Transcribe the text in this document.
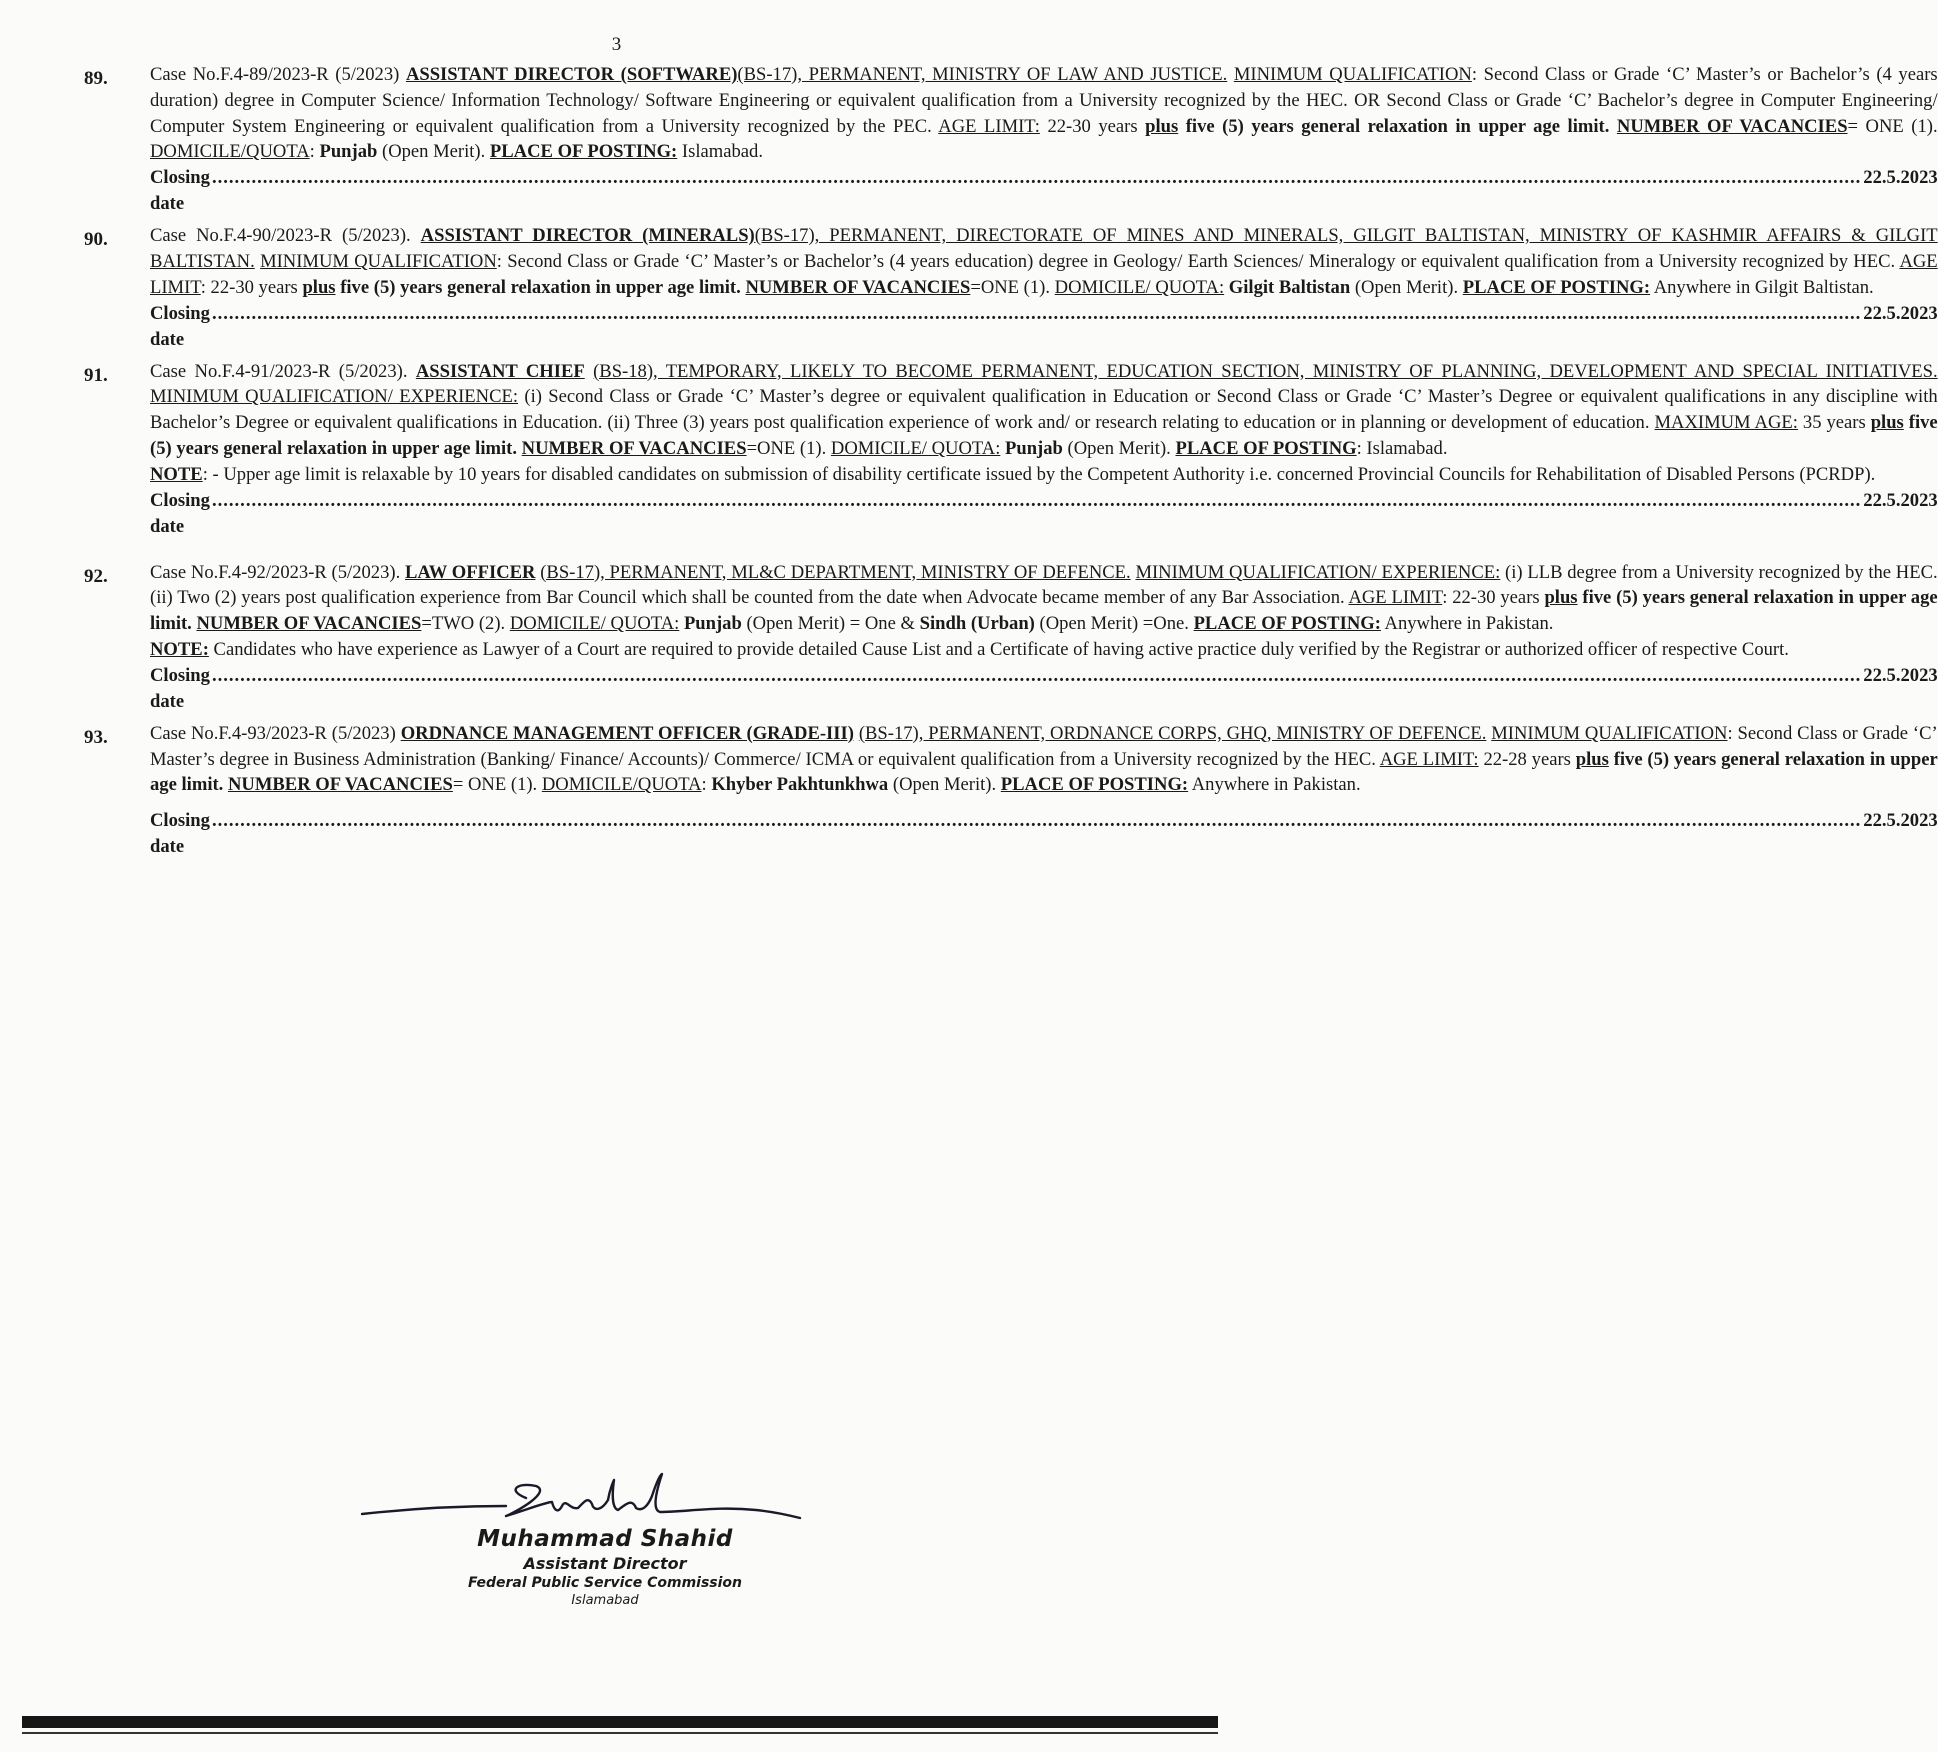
3
89.	Case No.F.4-89/2023-R (5/2023) ASSISTANT DIRECTOR (SOFTWARE)(BS-17), PERMANENT, MINISTRY OF LAW AND JUSTICE. MINIMUM QUALIFICATION: Second Class or Grade ‘C’ Master’s or Bachelor’s (4 years duration) degree in Computer Science/ Information Technology/ Software Engineering or equivalent qualification from a University recognized by the HEC. OR Second Class or Grade ‘C’ Bachelor’s degree in Computer Engineering/ Computer System Engineering or equivalent qualification from a University recognized by the PEC. AGE LIMIT: 22-30 years plus five (5) years general relaxation in upper age limit. NUMBER OF VACANCIES= ONE (1). DOMICILE/QUOTA: Punjab (Open Merit). PLACE OF POSTING: Islamabad.
Closing date
.....
22.5.2023
90.	Case No.F.4-90/2023-R (5/2023). ASSISTANT DIRECTOR (MINERALS)(BS-17), PERMANENT, DIRECTORATE OF MINES AND MINERALS, GILGIT BALTISTAN, MINISTRY OF KASHMIR AFFAIRS & GILGIT BALTISTAN. MINIMUM QUALIFICATION: Second Class or Grade ‘C’ Master’s or Bachelor’s (4 years education) degree in Geology/ Earth Sciences/ Mineralogy or equivalent qualification from a University recognized by HEC. AGE LIMIT: 22-30 years plus five (5) years general relaxation in upper age limit. NUMBER OF VACANCIES=ONE (1). DOMICILE/ QUOTA: Gilgit Baltistan (Open Merit). PLACE OF POSTING: Anywhere in Gilgit Baltistan.
Closing date
.....
22.5.2023
91.	Case No.F.4-91/2023-R (5/2023). ASSISTANT CHIEF (BS-18), TEMPORARY, LIKELY TO BECOME PERMANENT, EDUCATION SECTION, MINISTRY OF PLANNING, DEVELOPMENT AND SPECIAL INITIATIVES. MINIMUM QUALIFICATION/ EXPERIENCE: (i) Second Class or Grade ‘C’ Master’s degree or equivalent qualification in Education or Second Class or Grade ‘C’ Master’s Degree or equivalent qualifications in any discipline with Bachelor’s Degree or equivalent qualifications in Education. (ii) Three (3) years post qualification experience of work and/ or research relating to education or in planning or development of education. MAXIMUM AGE: 35 years plus five (5) years general relaxation in upper age limit. NUMBER OF VACANCIES=ONE (1). DOMICILE/ QUOTA: Punjab (Open Merit). PLACE OF POSTING: Islamabad.
NOTE: - Upper age limit is relaxable by 10 years for disabled candidates on submission of disability certificate issued by the Competent Authority i.e. concerned Provincial Councils for Rehabilitation of Disabled Persons (PCRDP).
Closing date
.....
22.5.2023
92.	Case No.F.4-92/2023-R (5/2023). LAW OFFICER (BS-17), PERMANENT, ML&C DEPARTMENT, MINISTRY OF DEFENCE. MINIMUM QUALIFICATION/ EXPERIENCE: (i) LLB degree from a University recognized by the HEC. (ii) Two (2) years post qualification experience from Bar Council which shall be counted from the date when Advocate became member of any Bar Association. AGE LIMIT: 22-30 years plus five (5) years general relaxation in upper age limit. NUMBER OF VACANCIES=TWO (2). DOMICILE/ QUOTA: Punjab (Open Merit) = One & Sindh (Urban) (Open Merit) =One. PLACE OF POSTING: Anywhere in Pakistan.
NOTE: Candidates who have experience as Lawyer of a Court are required to provide detailed Cause List and a Certificate of having active practice duly verified by the Registrar or authorized officer of respective Court.
Closing date
.....
22.5.2023
93.	Case No.F.4-93/2023-R (5/2023) ORDNANCE MANAGEMENT OFFICER (GRADE-III) (BS-17), PERMANENT, ORDNANCE CORPS, GHQ, MINISTRY OF DEFENCE. MINIMUM QUALIFICATION: Second Class or Grade ‘C’ Master’s degree in Business Administration (Banking/ Finance/ Accounts)/ Commerce/ ICMA or equivalent qualification from a University recognized by the HEC. AGE LIMIT: 22-28 years plus five (5) years general relaxation in upper age limit. NUMBER OF VACANCIES= ONE (1). DOMICILE/QUOTA: Khyber Pakhtunkhwa (Open Merit). PLACE OF POSTING: Anywhere in Pakistan.
Closing date
.....
22.5.2023
Muhammad Shahid
Assistant Director
Federal Public Service Commission
Islamabad
